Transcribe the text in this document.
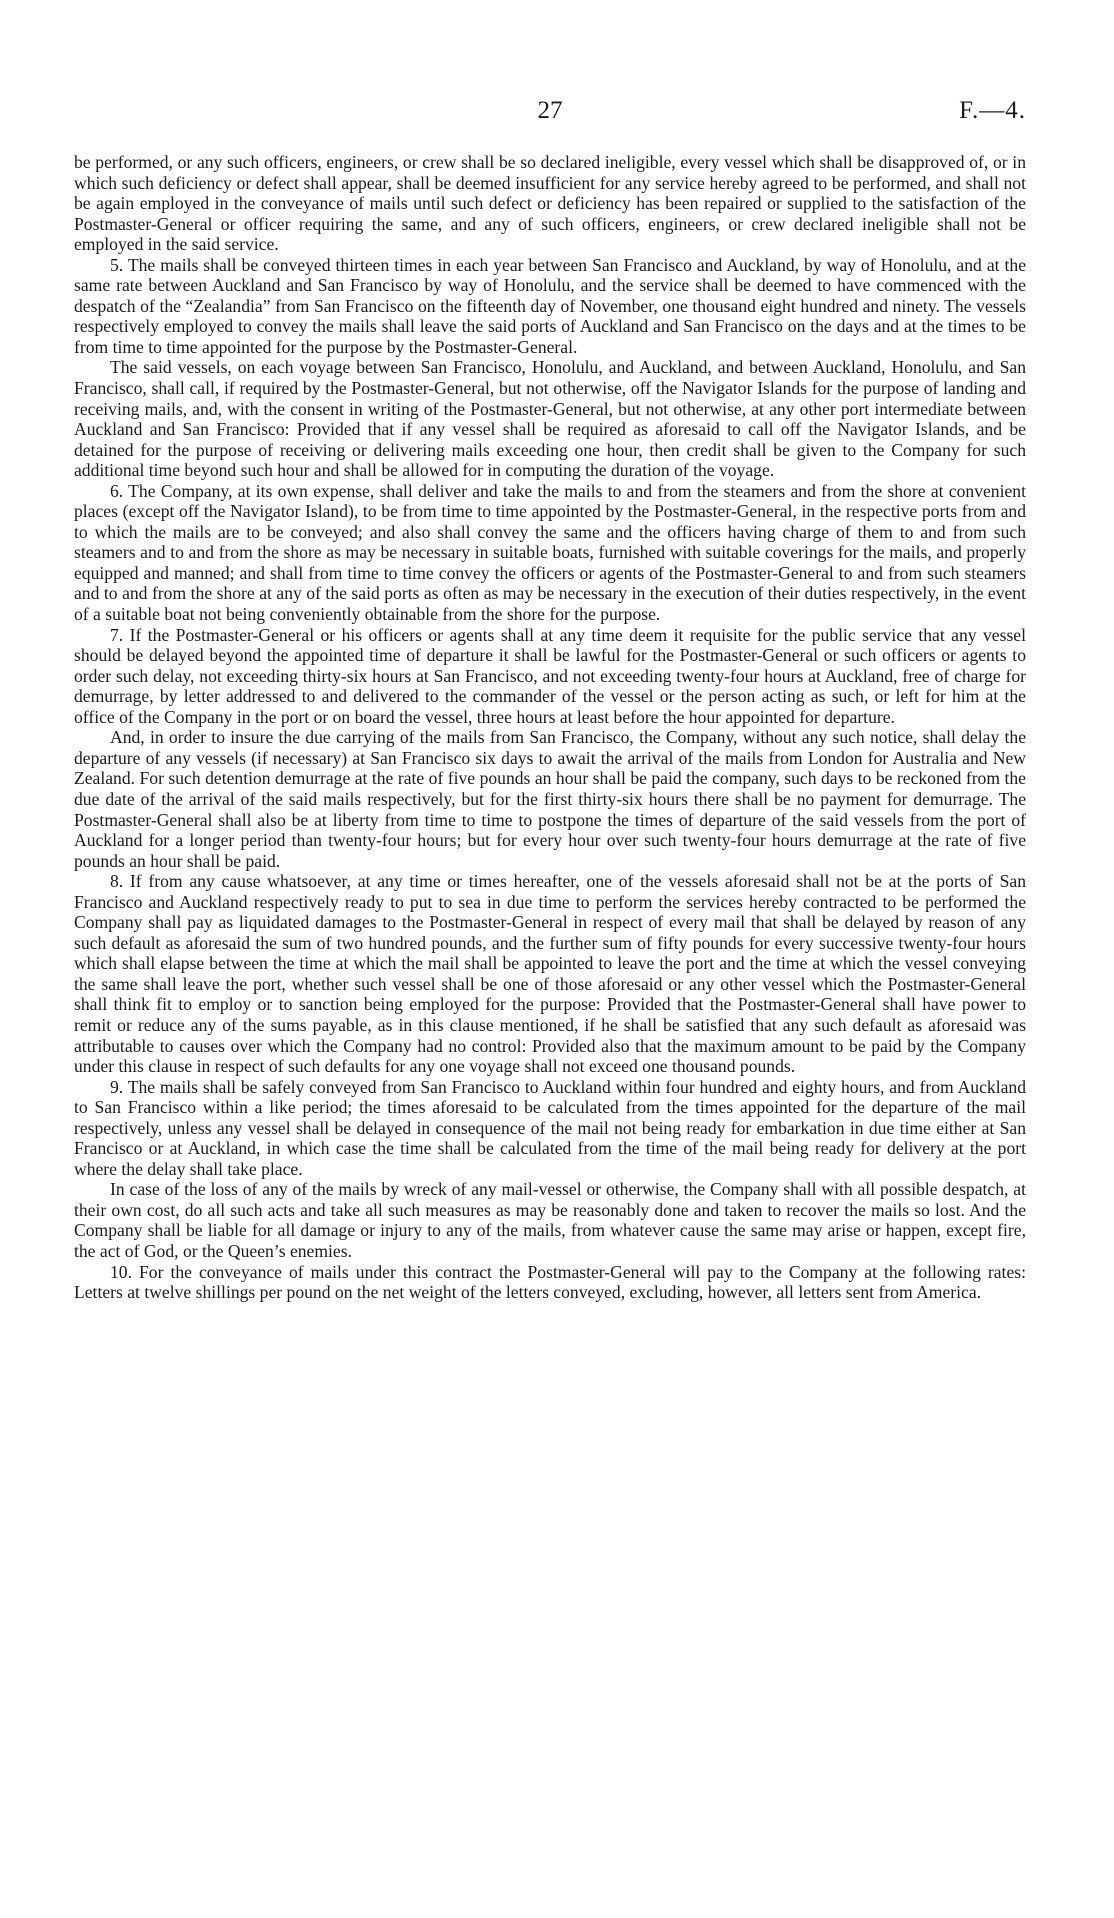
27	F.—4.

be performed, or any such officers, engineers, or crew shall be so declared ineligible, every vessel which shall be disapproved of, or in which such deficiency or defect shall appear, shall be deemed insufficient for any service hereby agreed to be performed, and shall not be again employed in the conveyance of mails until such defect or deficiency has been repaired or supplied to the satisfaction of the Postmaster-General or officer requiring the same, and any of such officers, engineers, or crew declared ineligible shall not be employed in the said service.

5. The mails shall be conveyed thirteen times in each year between San Francisco and Auckland, by way of Honolulu, and at the same rate between Auckland and San Francisco by way of Honolulu, and the service shall be deemed to have commenced with the despatch of the “Zealandia” from San Francisco on the fifteenth day of November, one thousand eight hundred and ninety. The vessels respectively employed to convey the mails shall leave the said ports of Auckland and San Francisco on the days and at the times to be from time to time appointed for the purpose by the Postmaster-General.

The said vessels, on each voyage between San Francisco, Honolulu, and Auckland, and between Auckland, Honolulu, and San Francisco, shall call, if required by the Postmaster-General, but not otherwise, off the Navigator Islands for the purpose of landing and receiving mails, and, with the consent in writing of the Postmaster-General, but not otherwise, at any other port intermediate between Auckland and San Francisco: Provided that if any vessel shall be required as aforesaid to call off the Navigator Islands, and be detained for the purpose of receiving or delivering mails exceeding one hour, then credit shall be given to the Company for such additional time beyond such hour and shall be allowed for in computing the duration of the voyage.

6. The Company, at its own expense, shall deliver and take the mails to and from the steamers and from the shore at convenient places (except off the Navigator Island), to be from time to time appointed by the Postmaster-General, in the respective ports from and to which the mails are to be conveyed; and also shall convey the same and the officers having charge of them to and from such steamers and to and from the shore as may be necessary in suitable boats, furnished with suitable coverings for the mails, and properly equipped and manned; and shall from time to time convey the officers or agents of the Postmaster-General to and from such steamers and to and from the shore at any of the said ports as often as may be necessary in the execution of their duties respectively, in the event of a suitable boat not being conveniently obtainable from the shore for the purpose.

7. If the Postmaster-General or his officers or agents shall at any time deem it requisite for the public service that any vessel should be delayed beyond the appointed time of departure it shall be lawful for the Postmaster-General or such officers or agents to order such delay, not exceeding thirty-six hours at San Francisco, and not exceeding twenty-four hours at Auckland, free of charge for demurrage, by letter addressed to and delivered to the commander of the vessel or the person acting as such, or left for him at the office of the Company in the port or on board the vessel, three hours at least before the hour appointed for departure.

And, in order to insure the due carrying of the mails from San Francisco, the Company, without any such notice, shall delay the departure of any vessels (if necessary) at San Francisco six days to await the arrival of the mails from London for Australia and New Zealand. For such detention demurrage at the rate of five pounds an hour shall be paid the company, such days to be reckoned from the due date of the arrival of the said mails respectively, but for the first thirty-six hours there shall be no payment for demurrage. The Postmaster-General shall also be at liberty from time to time to postpone the times of departure of the said vessels from the port of Auckland for a longer period than twenty-four hours; but for every hour over such twenty-four hours demurrage at the rate of five pounds an hour shall be paid.

8. If from any cause whatsoever, at any time or times hereafter, one of the vessels aforesaid shall not be at the ports of San Francisco and Auckland respectively ready to put to sea in due time to perform the services hereby contracted to be performed the Company shall pay as liquidated damages to the Postmaster-General in respect of every mail that shall be delayed by reason of any such default as aforesaid the sum of two hundred pounds, and the further sum of fifty pounds for every successive twenty-four hours which shall elapse between the time at which the mail shall be appointed to leave the port and the time at which the vessel conveying the same shall leave the port, whether such vessel shall be one of those aforesaid or any other vessel which the Postmaster-General shall think fit to employ or to sanction being employed for the purpose: Provided that the Postmaster-General shall have power to remit or reduce any of the sums payable, as in this clause mentioned, if he shall be satisfied that any such default as aforesaid was attributable to causes over which the Company had no control: Provided also that the maximum amount to be paid by the Company under this clause in respect of such defaults for any one voyage shall not exceed one thousand pounds.

9. The mails shall be safely conveyed from San Francisco to Auckland within four hundred and eighty hours, and from Auckland to San Francisco within a like period; the times aforesaid to be calculated from the times appointed for the departure of the mail respectively, unless any vessel shall be delayed in consequence of the mail not being ready for embarkation in due time either at San Francisco or at Auckland, in which case the time shall be calculated from the time of the mail being ready for delivery at the port where the delay shall take place.

In case of the loss of any of the mails by wreck of any mail-vessel or otherwise, the Company shall with all possible despatch, at their own cost, do all such acts and take all such measures as may be reasonably done and taken to recover the mails so lost. And the Company shall be liable for all damage or injury to any of the mails, from whatever cause the same may arise or happen, except fire, the act of God, or the Queen’s enemies.

10. For the conveyance of mails under this contract the Postmaster-General will pay to the Company at the following rates: Letters at twelve shillings per pound on the net weight of the letters conveyed, excluding, however, all letters sent from America.
